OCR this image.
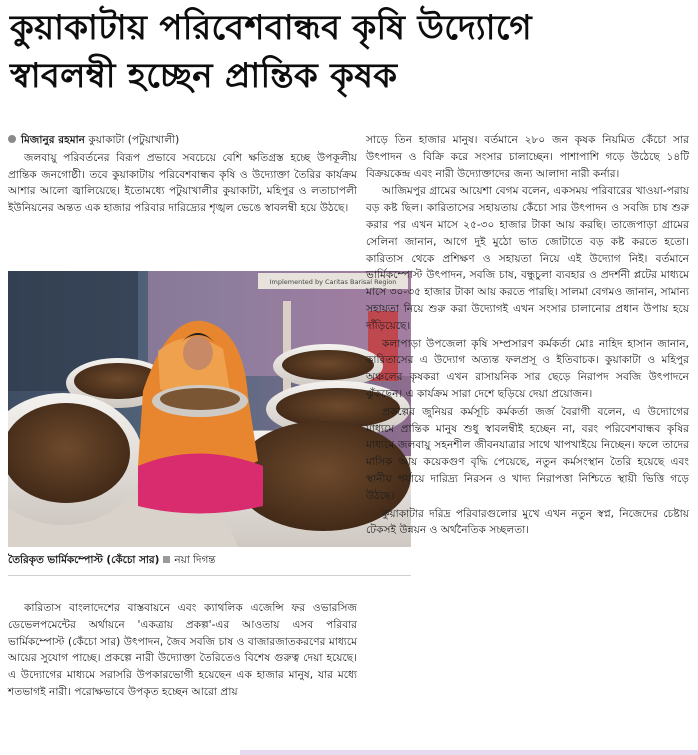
কুয়াকাটায় পরিবেশবান্ধব কৃষি উদ্যোগে
স্বাবলম্বী হচ্ছেন প্রান্তিক কৃষক

মিজানুর রহমান কুয়াকাটা (পটুয়াখালী)

জলবায়ু পরিবর্তনের বিরূপ প্রভাবে সবচেয়ে বেশি ক্ষতিগ্রস্ত হচ্ছে উপকূলীয় প্রান্তিক জনগোষ্ঠী। তবে কুয়াকাটায় পরিবেশবান্ধব কৃষি ও উদ্যোক্তা তৈরির কার্যক্রম আশার আলো জ্বালিয়েছে। ইতোমধ্যে পটুয়াখালীর কুয়াকাটা, মহিপুর ও লতাচাপলী ইউনিয়নের অন্তত এক হাজার পরিবার দারিদ্র্যের শৃঙ্খল ভেঙে স্বাবলম্বী হয়ে উঠছে।

Implemented by Caritas Barisal Region
তৈরিকৃত ভার্মিকম্পোস্ট (কেঁচো সার) নয়া দিগন্ত

কারিতাস বাংলাদেশের বাস্তবায়নে এবং ক্যাথলিক এজেন্সি ফর ওভারসিজ ডেভেলপমেন্টের অর্থায়নে 'একত্রায় প্রকল্প'-এর আওতায় এসব পরিবার ভার্মিকম্পোস্ট (কেঁচো সার) উৎপাদন, জৈব সবজি চাষ ও বাজারজাতকরণের মাধ্যমে আয়ের সুযোগ পাচ্ছে। প্রকল্পে নারী উদ্যোক্তা তৈরিতেও বিশেষ গুরুত্ব দেয়া হয়েছে। এ উদ্যোগের মাধ্যমে সরাসরি উপকারভোগী হয়েছেন এক হাজার মানুষ, যার মধ্যে শতভাগই নারী। পরোক্ষভাবে উপকৃত হচ্ছেন আরো প্রায়

সাড়ে তিন হাজার মানুষ। বর্তমানে ২৮০ জন কৃষক নিয়মিত কেঁচো সার উৎপাদন ও বিক্রি করে সংসার চালাচ্ছেন। পাশাপাশি গড়ে উঠেছে ১৪টি বিক্রয়কেন্দ্র এবং নারী উদ্যোক্তাদের জন্য আলাদা নারী কর্নার।

আজিমপুর গ্রামের আয়েশা বেগম বলেন, একসময় পরিবারের খাওয়া-পরায় বড় কষ্ট ছিল। কারিতাসের সহায়তায় কেঁচো সার উৎপাদন ও সবজি চাষ শুরু করার পর এখন মাসে ২৫-৩০ হাজার টাকা আয় করছি। তাজেপাড়া গ্রামের সেলিনা জানান, আগে দুই মুঠো ভাত জোটাতে বড় কষ্ট করতে হতো। কারিতাস থেকে প্রশিক্ষণ ও সহায়তা নিয়ে এই উদ্যোগ নিই। বর্তমানে ভার্মিকম্পোস্ট উৎপাদন, সবজি চাষ, বন্ধুচুলা ব্যবহার ও প্রদর্শনী প্লটের মাধ্যমে মাসে ৩০-৩৫ হাজার টাকা আয় করতে পারছি। সালমা বেগমও জানান, সামান্য সহায়তা নিয়ে শুরু করা উদ্যোগই এখন সংসার চালানোর প্রধান উপায় হয়ে দাঁড়িয়েছে।

কলাপাড়া উপজেলা কৃষি সম্প্রসারণ কর্মকর্তা মোঃ নাহিদ হাসান জানান, কারিতাসের এ উদ্যোগ অত্যন্ত ফলপ্রসূ ও ইতিবাচক। কুয়াকাটা ও মহিপুর অঞ্চলের কৃষকরা এখন রাসায়নিক সার ছেড়ে নিরাপদ সবজি উৎপাদনে ঝুঁকছেন। এ কার্যক্রম সারা দেশে ছড়িয়ে দেয়া প্রয়োজন।

প্রকল্পের জুনিয়র কর্মসূচি কর্মকর্তা জর্জ বৈরাগী বলেন, এ উদ্যোগের মাধ্যমে প্রান্তিক মানুষ শুধু স্বাবলম্বীই হচ্ছেন না, বরং পরিবেশবান্ধব কৃষির মাধ্যমে জলবায়ু সহনশীল জীবনযাত্রার সাথে খাপখাইয়ে নিচ্ছেন। ফলে তাদের মাসিক আয় কয়েকগুণ বৃদ্ধি পেয়েছে, নতুন কর্মসংস্থান তৈরি হয়েছে এবং স্থানীয় পর্যায়ে দারিদ্র্য নিরসন ও খাদ্য নিরাপত্তা নিশ্চিতে স্থায়ী ভিত্তি গড়ে উঠছে।

কুয়াকাটার দরিদ্র পরিবারগুলোর মুখে এখন নতুন স্বপ্ন, নিজেদের চেষ্টায় টেকসই উন্নয়ন ও অর্থনৈতিক সচ্ছলতা।
